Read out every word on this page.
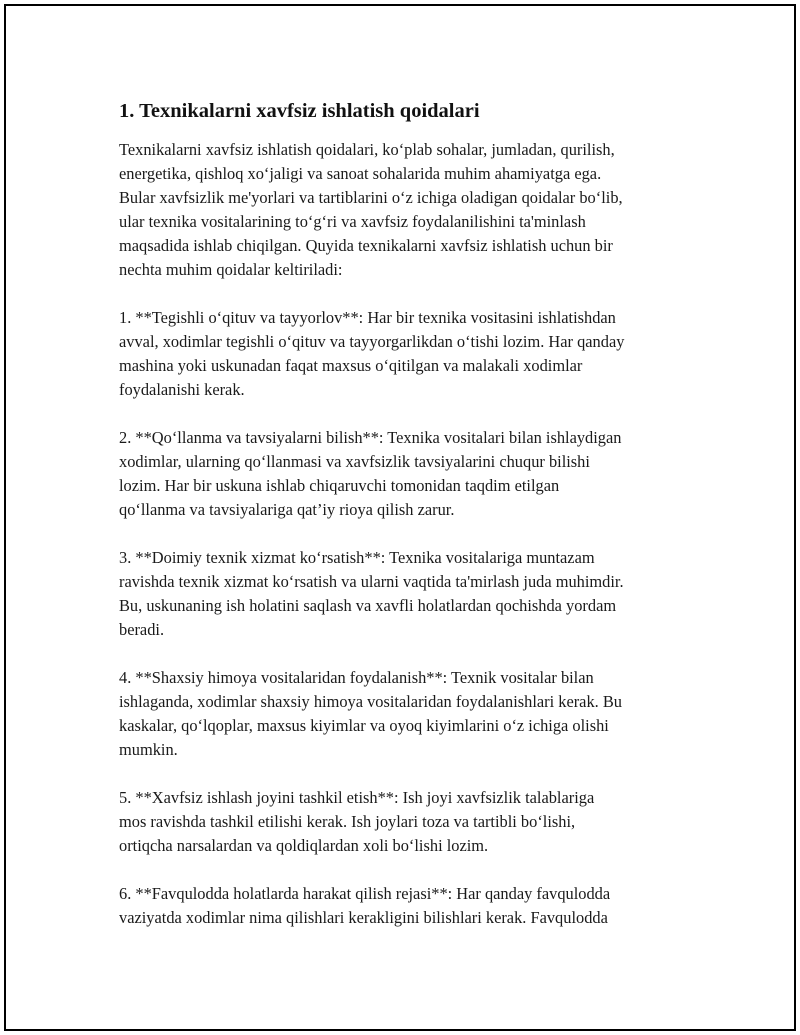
1. Texnikalarni xavfsiz ishlatish qoidalari

Texnikalarni xavfsiz ishlatish qoidalari, ko‘plab sohalar, jumladan, qurilish,
energetika, qishloq xo‘jaligi va sanoat sohalarida muhim ahamiyatga ega.
Bular xavfsizlik me'yorlari va tartiblarini o‘z ichiga oladigan qoidalar bo‘lib,
ular texnika vositalarining to‘g‘ri va xavfsiz foydalanilishini ta'minlash
maqsadida ishlab chiqilgan. Quyida texnikalarni xavfsiz ishlatish uchun bir
nechta muhim qoidalar keltiriladi:

1. **Tegishli o‘qituv va tayyorlov**: Har bir texnika vositasini ishlatishdan
avval, xodimlar tegishli o‘qituv va tayyorgarlikdan o‘tishi lozim. Har qanday
mashina yoki uskunadan faqat maxsus o‘qitilgan va malakali xodimlar
foydalanishi kerak.

2. **Qo‘llanma va tavsiyalarni bilish**: Texnika vositalari bilan ishlaydigan
xodimlar, ularning qo‘llanmasi va xavfsizlik tavsiyalarini chuqur bilishi
lozim. Har bir uskuna ishlab chiqaruvchi tomonidan taqdim etilgan
qo‘llanma va tavsiyalariga qat’iy rioya qilish zarur.

3. **Doimiy texnik xizmat ko‘rsatish**: Texnika vositalariga muntazam
ravishda texnik xizmat ko‘rsatish va ularni vaqtida ta'mirlash juda muhimdir.
Bu, uskunaning ish holatini saqlash va xavfli holatlardan qochishda yordam
beradi.

4. **Shaxsiy himoya vositalaridan foydalanish**: Texnik vositalar bilan
ishlaganda, xodimlar shaxsiy himoya vositalaridan foydalanishlari kerak. Bu
kaskalar, qo‘lqoplar, maxsus kiyimlar va oyoq kiyimlarini o‘z ichiga olishi
mumkin.

5. **Xavfsiz ishlash joyini tashkil etish**: Ish joyi xavfsizlik talablariga
mos ravishda tashkil etilishi kerak. Ish joylari toza va tartibli bo‘lishi,
ortiqcha narsalardan va qoldiqlardan xoli bo‘lishi lozim.

6. **Favqulodda holatlarda harakat qilish rejasi**: Har qanday favqulodda
vaziyatda xodimlar nima qilishlari kerakligini bilishlari kerak. Favqulodda
